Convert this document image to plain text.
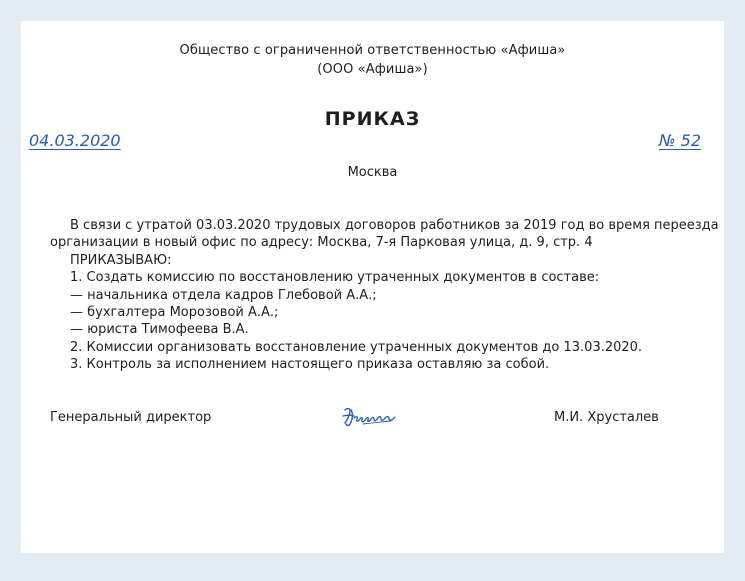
Общество с ограниченной ответственностью «Афиша»
(ООО «Афиша»)
ПРИКАЗ
04.03.2020	№ 52
Москва
В связи с утратой 03.03.2020 трудовых договоров работников за 2019 год во время переезда
организации в новый офис по адресу: Москва, 7-я Парковая улица, д. 9, стр. 4
ПРИКАЗЫВАЮ:
1. Создать комиссию по восстановлению утраченных документов в составе:
— начальника отдела кадров Глебовой А.А.;
— бухгалтера Морозовой А.А.;
— юриста Тимофеева В.А.
2. Комиссии организовать восстановление утраченных документов до 13.03.2020.
3. Контроль за исполнением настоящего приказа оставляю за собой.
Генеральный директор	М.И. Хрусталев
